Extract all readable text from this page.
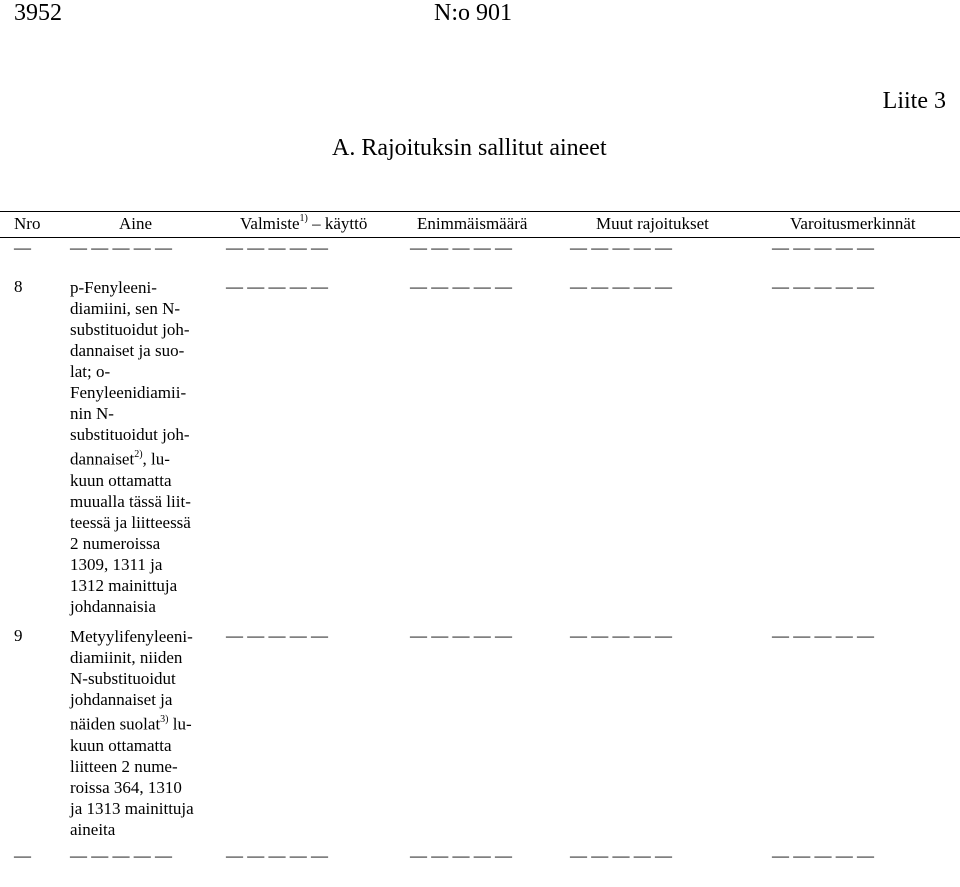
3952	N:o 901
Liite 3
A. Rajoituksin sallitut aineet
Nro	Aine	Valmiste$^{1)}$ – käyttö	Enimmäismäärä	Muut rajoitukset	Varoitusmerkinnät
— — — — — —	— — — — —	— — — — —	— — — — —	— — — — —
8	p-Fenyleeni-
diamiini, sen N-
substituoidut joh-
dannaiset ja suo-
lat; o-
Fenyleenidiamii-
nin N-
substituoidut joh-
dannaiset$^{2)}$, lu-
kuun ottamatta
muualla tässä liit-
teessä ja liitteessä
2 numeroissa
1309, 1311 ja
1312 mainittuja
johdannaisia
— — — — —	— — — — —	— — — — —	— — — — —
9	Metyylifenyleeni-
diamiinit, niiden
N-substituoidut
johdannaiset ja
näiden suolat$^{3)}$ lu-
kuun ottamatta
liitteen 2 nume-
roissa 364, 1310
ja 1313 mainittuja
aineita
— — — — —	— — — — —	— — — — —	— — — — —
— — — — — —	— — — — —	— — — — —	— — — — —	— — — — —
